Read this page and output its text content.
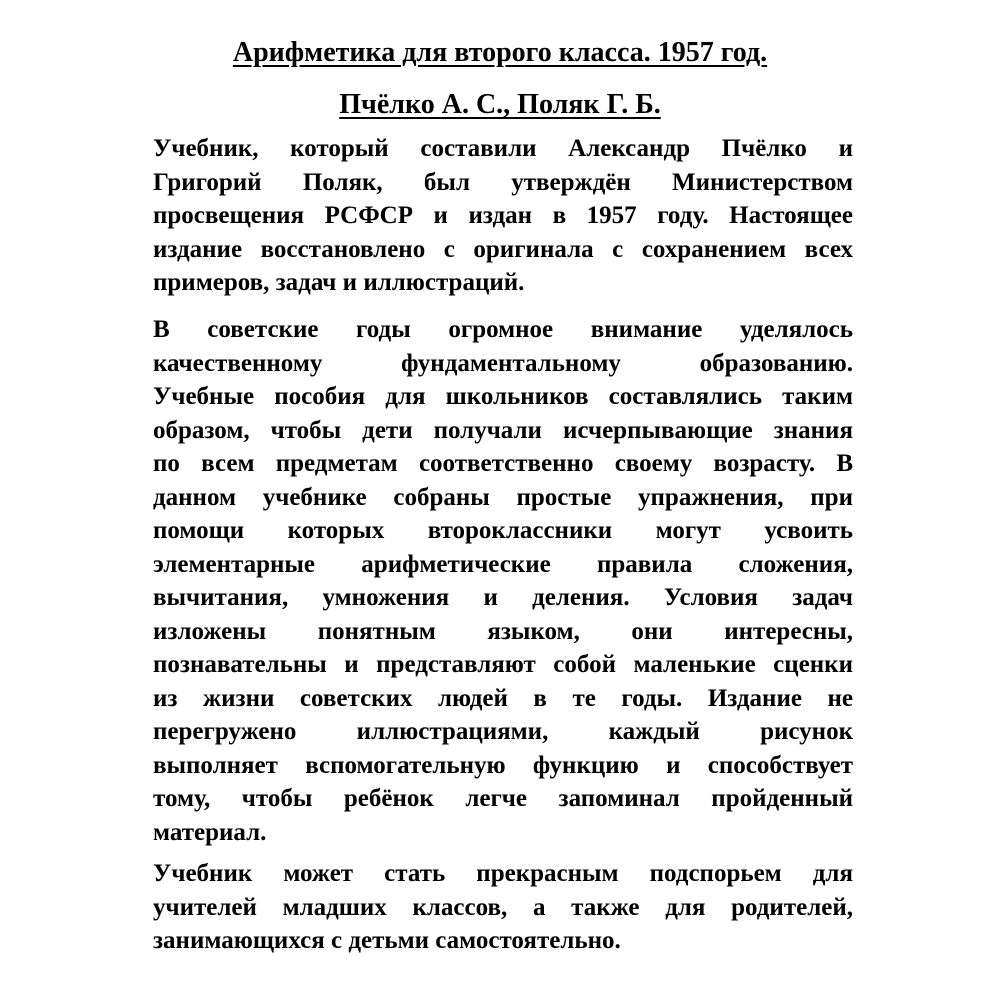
Арифметика для второго класса. 1957 год.
Пчёлко А. С., Поляк Г. Б.
Учебник, который составили Александр Пчёлко и
Григорий Поляк, был утверждён Министерством
просвещения РСФСР и издан в 1957 году. Настоящее
издание восстановлено с оригинала с сохранением всех
примеров, задач и иллюстраций.
В советские годы огромное внимание уделялось
качественному фундаментальному образованию.
Учебные пособия для школьников составлялись таким
образом, чтобы дети получали исчерпывающие знания
по всем предметам соответственно своему возрасту. В
данном учебнике собраны простые упражнения, при
помощи которых второклассники могут усвоить
элементарные арифметические правила сложения,
вычитания, умножения и деления. Условия задач
изложены понятным языком, они интересны,
познавательны и представляют собой маленькие сценки
из жизни советских людей в те годы. Издание не
перегружено иллюстрациями, каждый рисунок
выполняет вспомогательную функцию и способствует
тому, чтобы ребёнок легче запоминал пройденный
материал.
Учебник может стать прекрасным подспорьем для
учителей младших классов, а также для родителей,
занимающихся с детьми самостоятельно.
